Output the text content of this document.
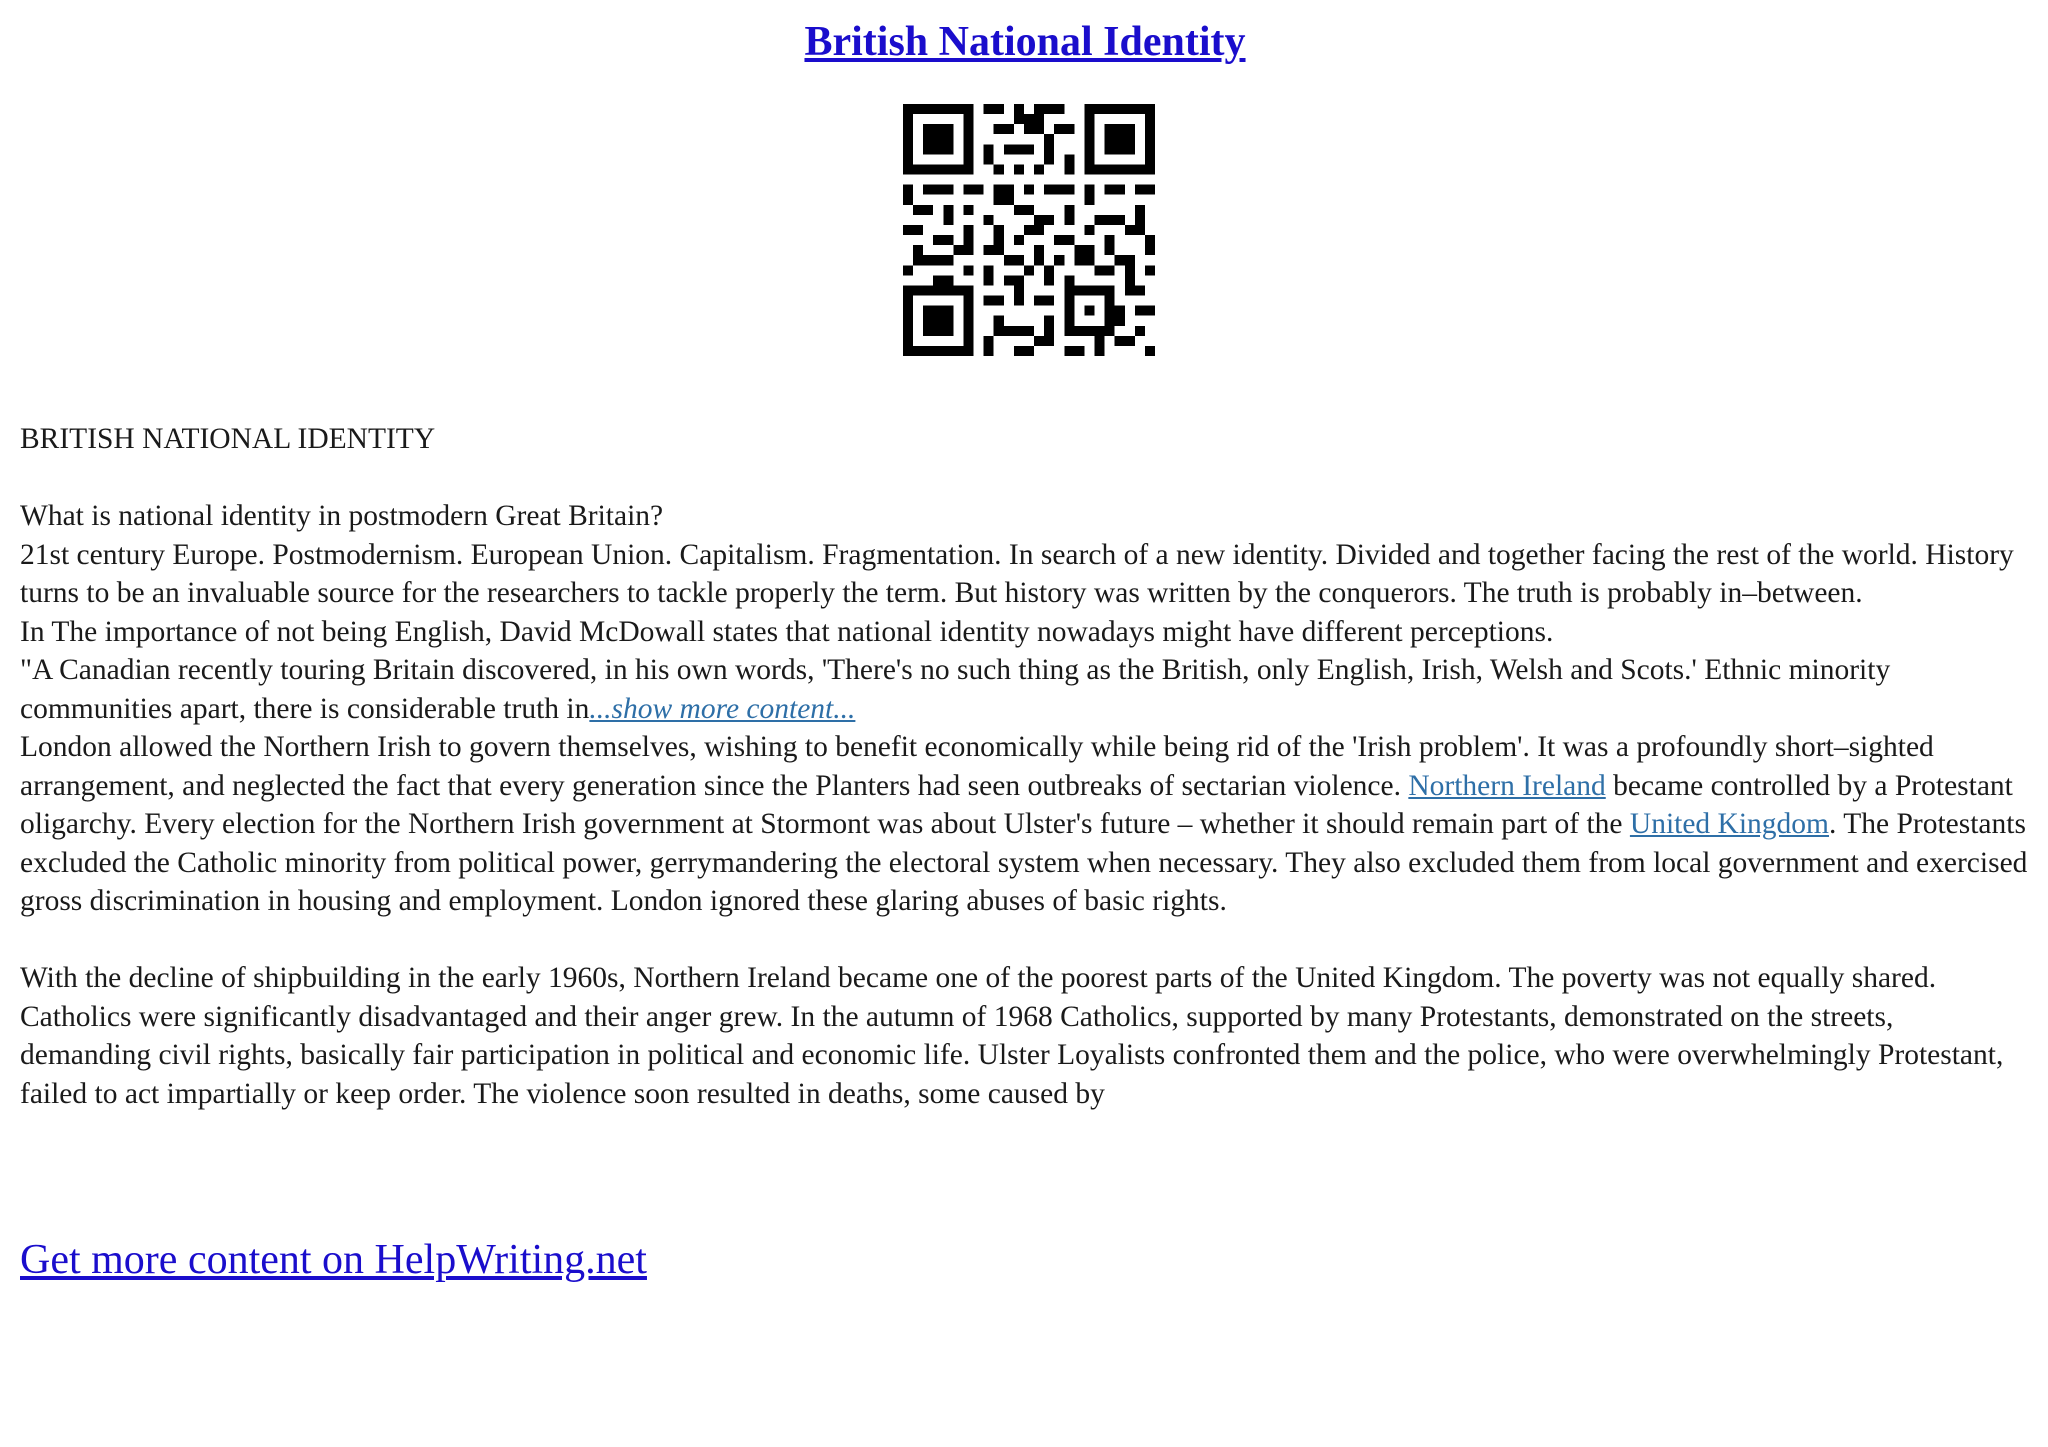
British National Identity

BRITISH NATIONAL IDENTITY

What is national identity in postmodern Great Britain?

21st century Europe. Postmodernism. European Union. Capitalism. Fragmentation. In search of a new identity. Divided and together facing the rest of the world. History turns to be an invaluable source for the researchers to tackle properly the term. But history was written by the conquerors. The truth is probably in–between.

In The importance of not being English, David McDowall states that national identity nowadays might have different perceptions.

"A Canadian recently touring Britain discovered, in his own words, 'There's no such thing as the British, only English, Irish, Welsh and Scots.' Ethnic minority communities apart, there is considerable truth in...show more content...

London allowed the Northern Irish to govern themselves, wishing to benefit economically while being rid of the 'Irish problem'. It was a profoundly short–sighted arrangement, and neglected the fact that every generation since the Planters had seen outbreaks of sectarian violence. Northern Ireland became controlled by a Protestant oligarchy. Every election for the Northern Irish government at Stormont was about Ulster's future – whether it should remain part of the United Kingdom. The Protestants excluded the Catholic minority from political power, gerrymandering the electoral system when necessary. They also excluded them from local government and exercised gross discrimination in housing and employment. London ignored these glaring abuses of basic rights.

With the decline of shipbuilding in the early 1960s, Northern Ireland became one of the poorest parts of the United Kingdom. The poverty was not equally shared. Catholics were significantly disadvantaged and their anger grew. In the autumn of 1968 Catholics, supported by many Protestants, demonstrated on the streets, demanding civil rights, basically fair participation in political and economic life. Ulster Loyalists confronted them and the police, who were overwhelmingly Protestant, failed to act impartially or keep order. The violence soon resulted in deaths, some caused by

Get more content on HelpWriting.net
